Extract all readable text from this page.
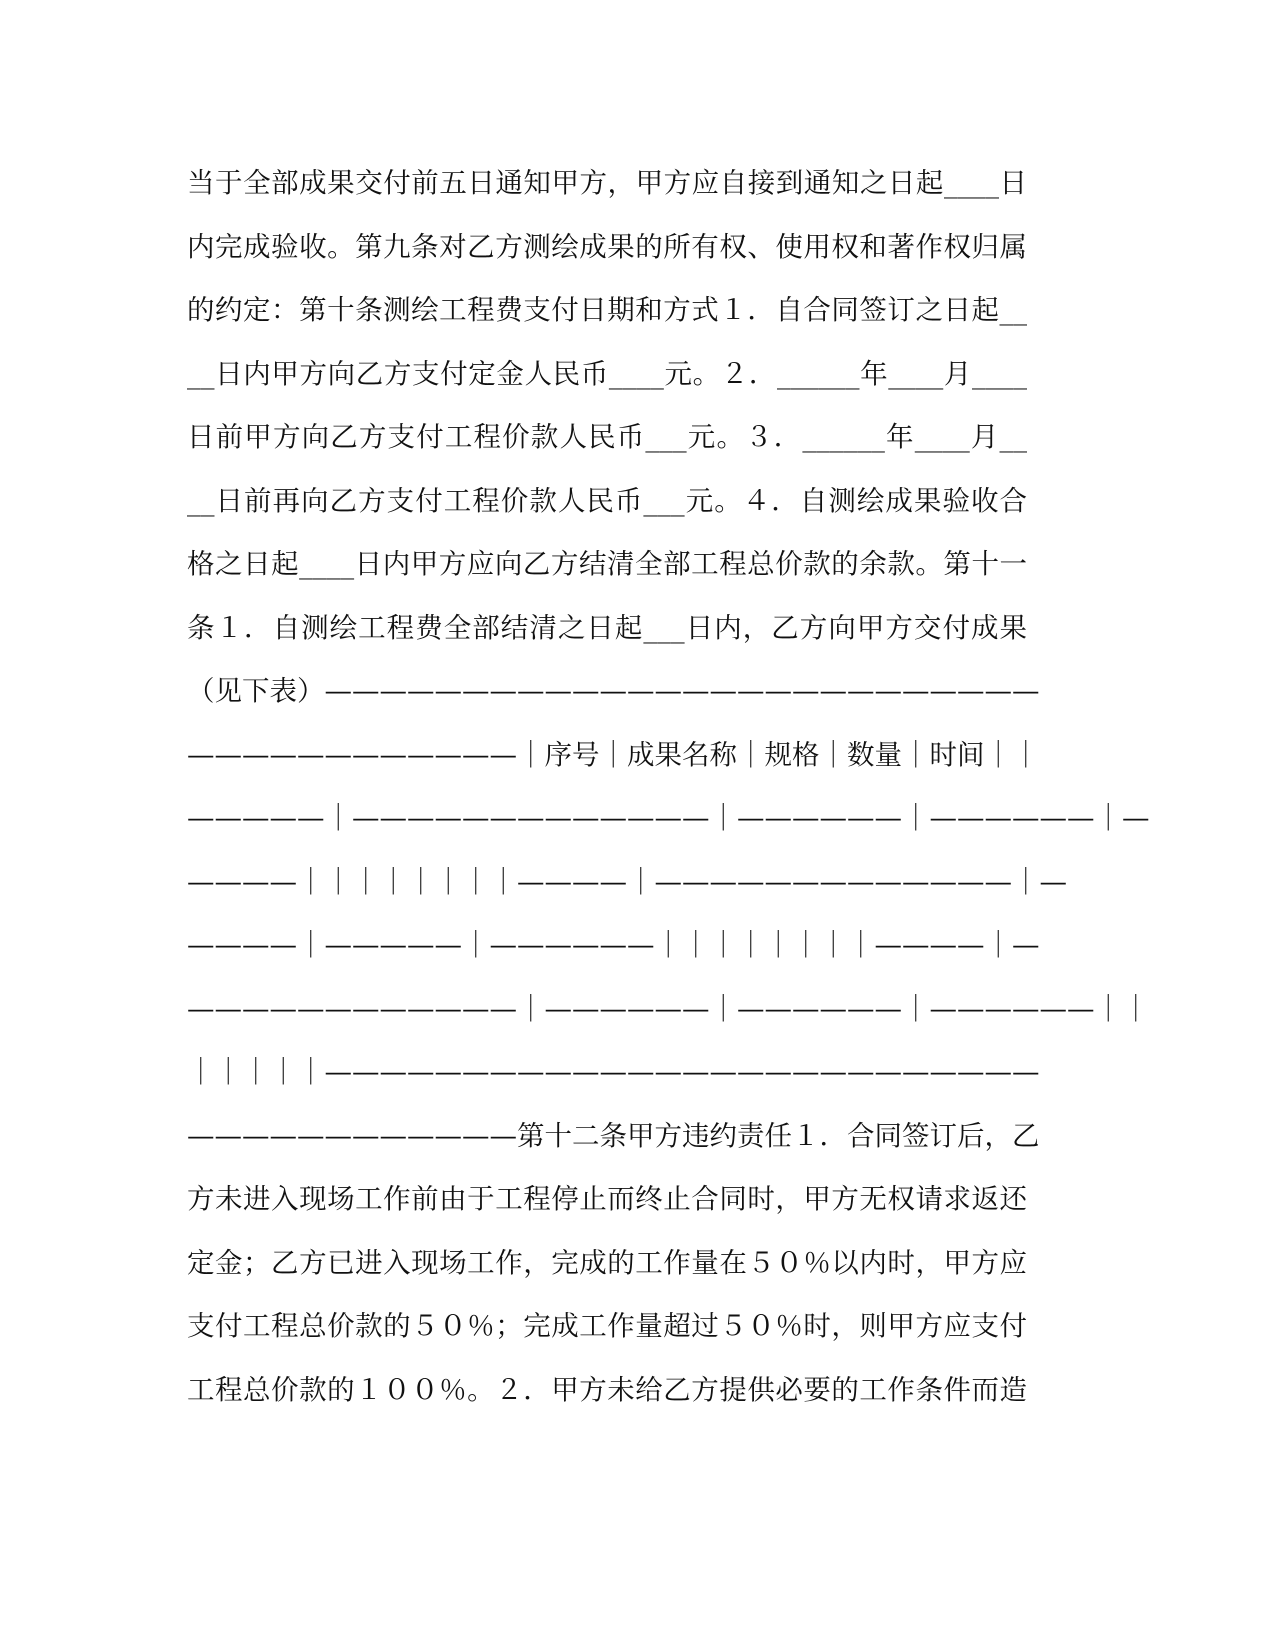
当于全部成果交付前五日通知甲方，甲方应自接到通知之日起____日
内完成验收。第九条对乙方测绘成果的所有权、使用权和著作权归属
的约定：第十条测绘工程费支付日期和方式１．自合同签订之日起__
__日内甲方向乙方支付定金人民币____元。２．______年____月____
日前甲方向乙方支付工程价款人民币___元。３．______年____月__
__日前再向乙方支付工程价款人民币___元。４．自测绘成果验收合
格之日起____日内甲方应向乙方结清全部工程总价款的余款。第十一
条１．自测绘工程费全部结清之日起___日内，乙方向甲方交付成果
（见下表）——————————————————————————
————————————｜序号｜成果名称｜规格｜数量｜时间｜｜
—————｜—————————————｜——————｜——————｜—
————｜｜｜｜｜｜｜｜————｜—————————————｜—
————｜—————｜——————｜｜｜｜｜｜｜｜————｜—
————————————｜——————｜——————｜——————｜｜
｜｜｜｜｜——————————————————————————
————————————第十二条甲方违约责任１．合同签订后，乙
方未进入现场工作前由于工程停止而终止合同时，甲方无权请求返还
定金；乙方已进入现场工作，完成的工作量在５０％以内时，甲方应
支付工程总价款的５０％；完成工作量超过５０％时，则甲方应支付
工程总价款的１００％。２．甲方未给乙方提供必要的工作条件而造
